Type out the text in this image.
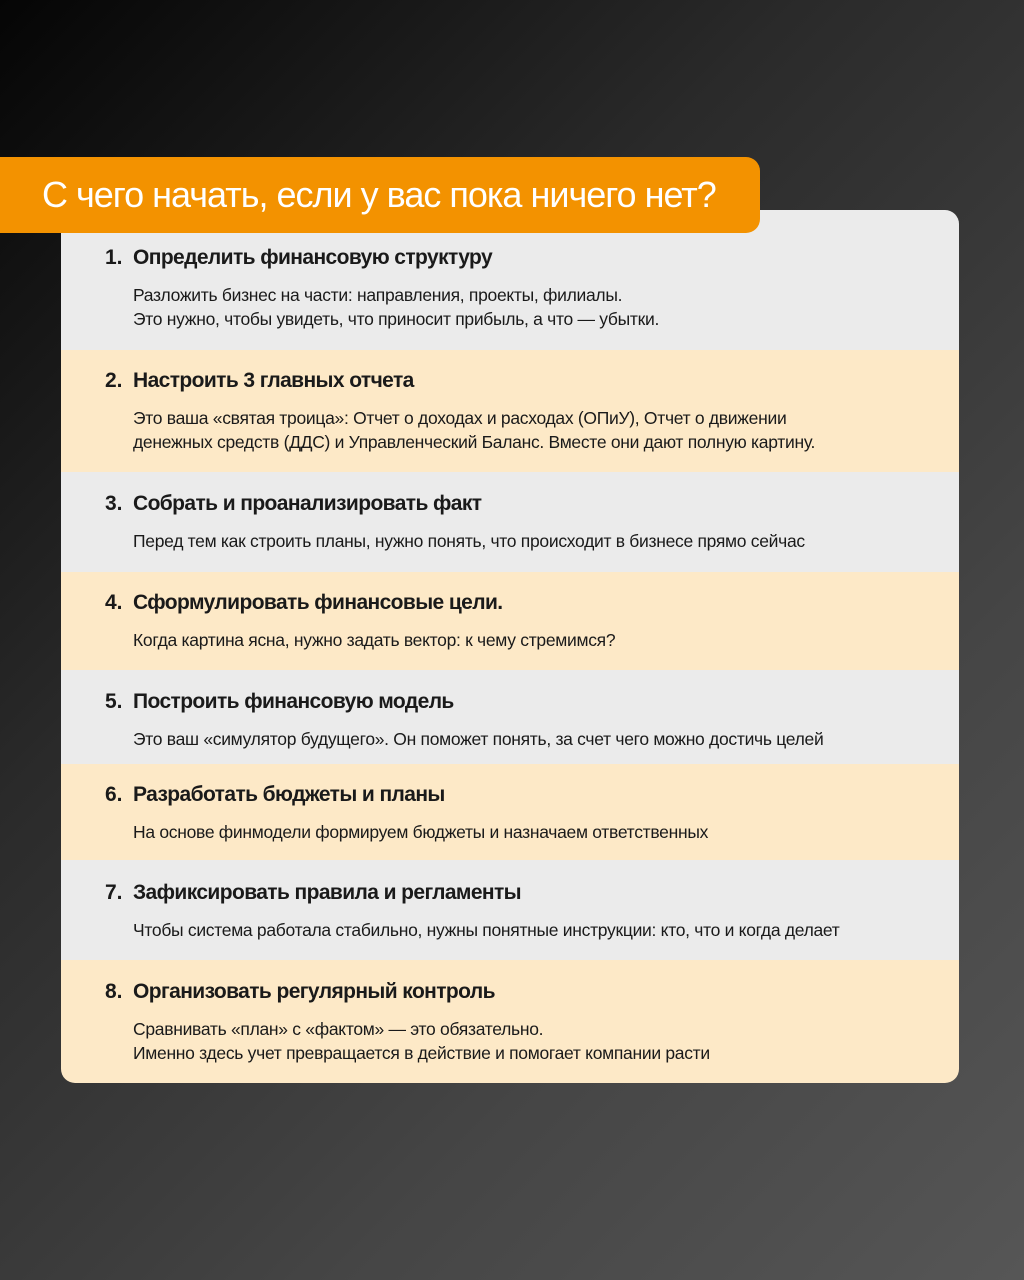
С чего начать, если у вас пока ничего нет?
1. Определить финансовую структуру
Разложить бизнес на части: направления, проекты, филиалы.
Это нужно, чтобы увидеть, что приносит прибыль, а что — убытки.
2. Настроить 3 главных отчета
Это ваша «святая троица»: Отчет о доходах и расходах (ОПиУ), Отчет о движении
денежных средств (ДДС) и Управленческий Баланс. Вместе они дают полную картину.
3. Собрать и проанализировать факт
Перед тем как строить планы, нужно понять, что происходит в бизнесе прямо сейчас
4. Сформулировать финансовые цели.
Когда картина ясна, нужно задать вектор: к чему стремимся?
5. Построить финансовую модель
Это ваш «симулятор будущего». Он поможет понять, за счет чего можно достичь целей
6. Разработать бюджеты и планы
На основе финмодели формируем бюджеты и назначаем ответственных
7. Зафиксировать правила и регламенты
Чтобы система работала стабильно, нужны понятные инструкции: кто, что и когда делает
8. Организовать регулярный контроль
Сравнивать «план» с «фактом» — это обязательно.
Именно здесь учет превращается в действие и помогает компании расти
